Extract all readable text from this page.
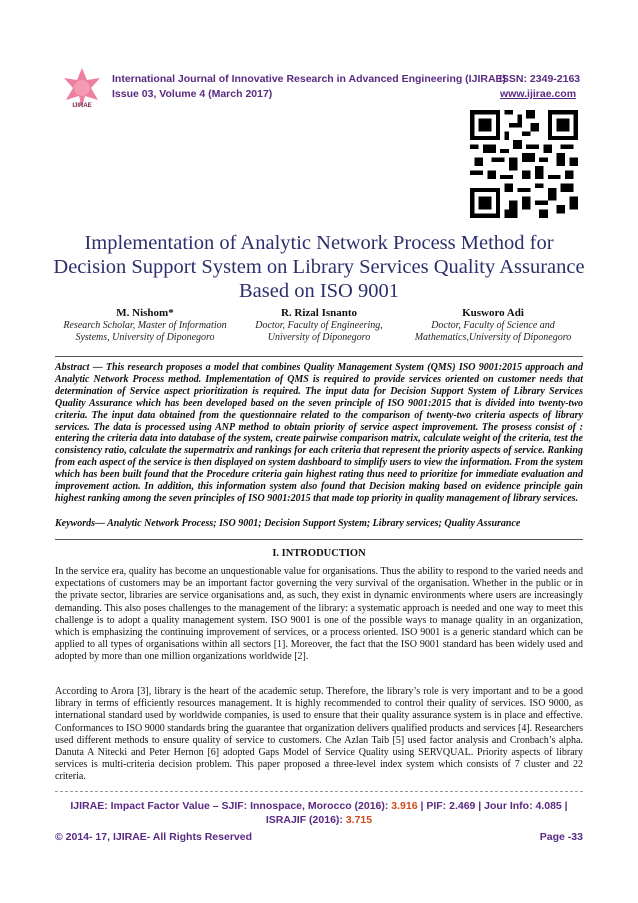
IJIRAE
International Journal of Innovative Research in Advanced Engineering (IJIRAE)
ISSN: 2349-2163
Issue 03, Volume 4 (March 2017)	www.ijirae.com
Implementation of Analytic Network Process Method for
Decision Support System on Library Services Quality Assurance
Based on ISO 9001
M. Nishom*
Research Scholar, Master of Information
Systems, University of Diponegoro
R. Rizal Isnanto
Doctor, Faculty of Engineering,
University of Diponegoro
Kusworo Adi
Doctor, Faculty of Science and
Mathematics,University of Diponegoro
Abstract — This research proposes a model that combines Quality Management System (QMS) ISO 9001:2015 approach and Analytic Network Process method. Implementation of QMS is required to provide services oriented on customer needs that determination of Service aspect prioritization is required. The input data for Decision Support System of Library Services Quality Assurance which has been developed based on the seven principle of ISO 9001:2015 that is divided into twenty-two criteria. The input data obtained from the questionnaire related to the comparison of twenty-two criteria aspects of library services. The data is processed using ANP method to obtain priority of service aspect improvement. The prosess consist of : entering the criteria data into database of the system, create pairwise comparison matrix, calculate weight of the criteria, test the consistency ratio, calculate the supermatrix and rankings for each criteria that represent the priority aspects of service. Ranking from each aspect of the service is then displayed on system dashboard to simplify users to view the information. From the system which has been built found that the Procedure criteria gain highest rating thus need to prioritize for immediate evaluation and improvement action. In addition, this information system also found that Decision making based on evidence principle gain highest ranking among the seven principles of ISO 9001:2015 that made top priority in quality management of library services.
Keywords— Analytic Network Process; ISO 9001; Decision Support System; Library services; Quality Assurance
I. INTRODUCTION
In the service era, quality has become an unquestionable value for organisations. Thus the ability to respond to the varied needs and expectations of customers may be an important factor governing the very survival of the organisation. Whether in the public or in the private sector, libraries are service organisations and, as such, they exist in dynamic environments where users are increasingly demanding. This also poses challenges to the management of the library: a systematic approach is needed and one way to meet this challenge is to adopt a quality management system. ISO 9001 is one of the possible ways to manage quality in an organization, which is emphasizing the continuing improvement of services, or a process oriented. ISO 9001 is a generic standard which can be applied to all types of organisations within all sectors [1]. Moreover, the fact that the ISO 9001 standard has been widely used and adopted by more than one million organizations worldwide [2].
According to Arora [3], library is the heart of the academic setup. Therefore, the library’s role is very important and to be a good library in terms of efficiently resources management. It is highly recommended to control their quality of services. ISO 9000, as international standard used by worldwide companies, is used to ensure that their quality assurance system is in place and effective. Conformances to ISO 9000 standards bring the guarantee that organization delivers qualified products and services [4]. Researchers used different methods to ensure quality of service to customers. Che Azlan Taib [5] used factor analysis and Cronbach’s alpha. Danuta A Nitecki and Peter Hernon [6] adopted Gaps Model of Service Quality using SERVQUAL. Priority aspects of library services is multi-criteria decision problem. This paper proposed a three-level index system which consists of 7 cluster and 22 criteria.
IJIRAE: Impact Factor Value – SJIF: Innospace, Morocco (2016): 3.916 | PIF: 2.469 | Jour Info: 4.085 |
ISRAJIF (2016): 3.715
© 2014- 17, IJIRAE- All Rights Reserved	Page -33
